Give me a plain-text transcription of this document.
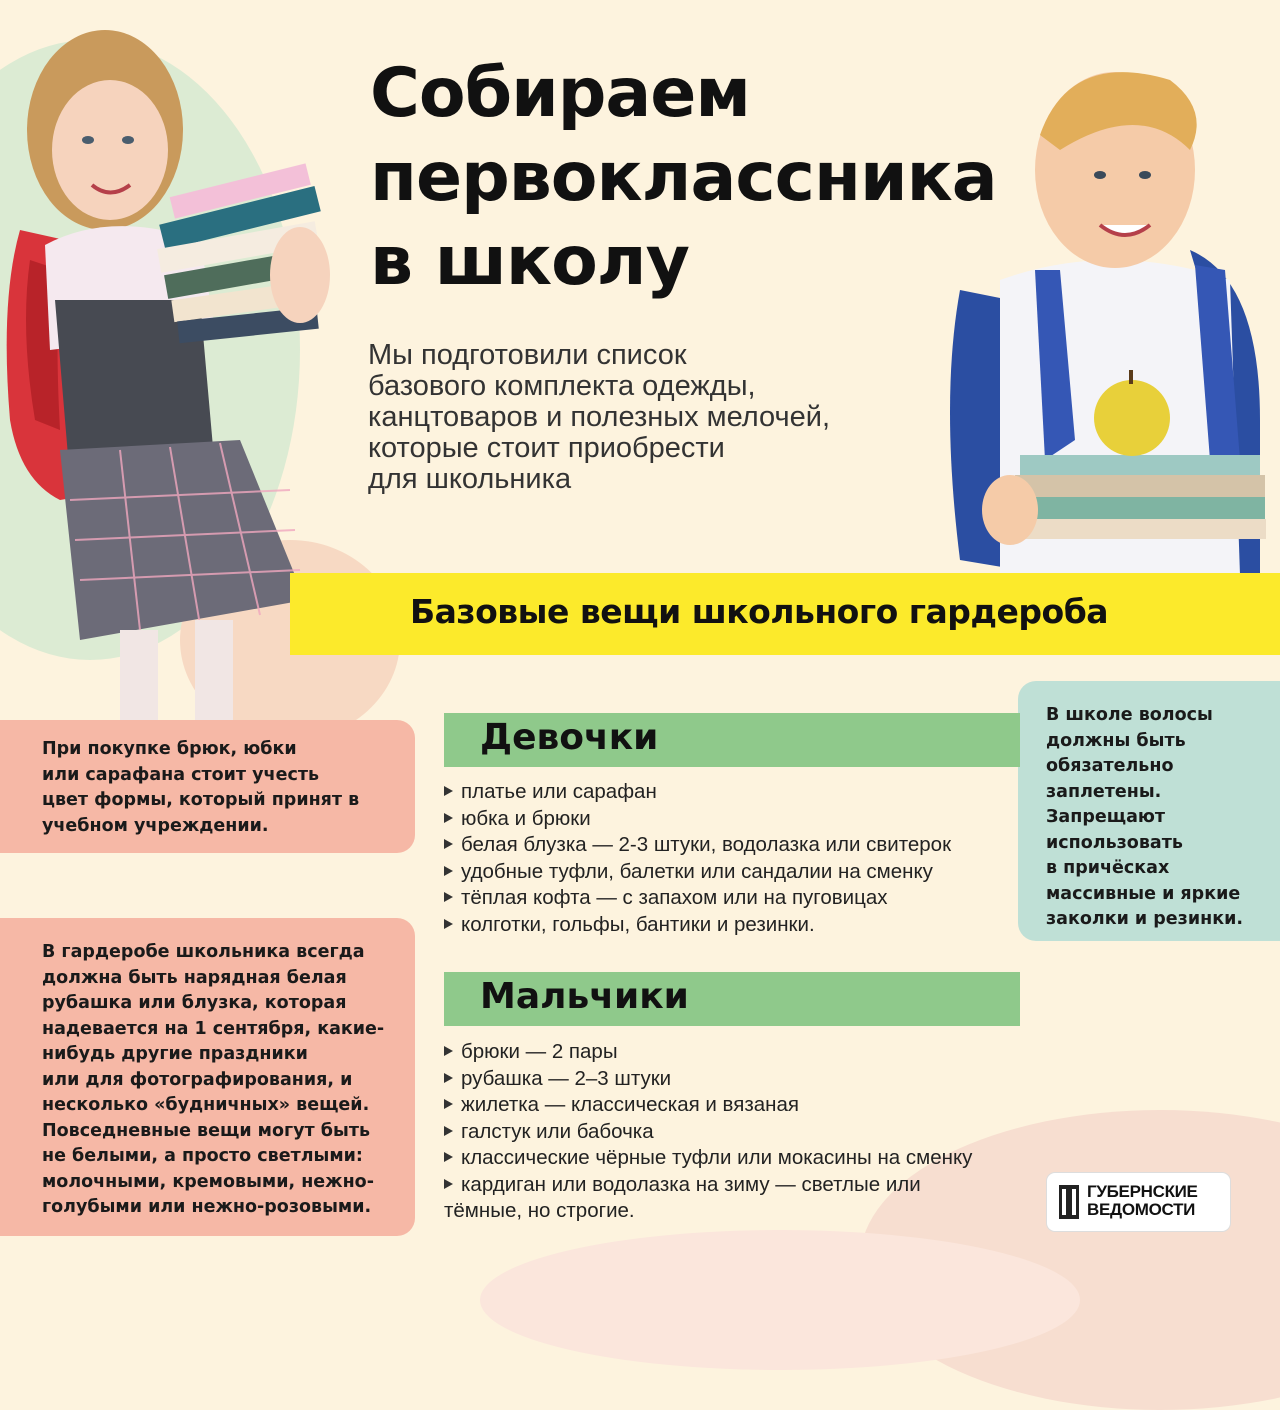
Собираем
первоклассника
в школу
Мы подготовили список
базового комплекта одежды,
канцтоваров и полезных мелочей,
которые стоит приобрести
для школьника
Базовые вещи школьного гардероба
При покупке брюк, юбки
или сарафана стоит учесть
цвет формы, который принят в
учебном учреждении.
В гардеробе школьника всегда
должна быть нарядная белая
рубашка или блузка, которая
надевается на 1 сентября, какие-
нибудь другие праздники
или для фотографирования, и
несколько «будничных» вещей.
Повседневные вещи могут быть
не белыми, а просто светлыми:
молочными, кремовыми, нежно-
голубыми или нежно-розовыми.
В школе волосы
должны быть
обязательно
заплетены.
Запрещают
использовать
в причёсках
массивные и яркие
заколки и резинки.
Девочки
платье или сарафан
юбка и брюки
белая блузка — 2-3 штуки, водолазка или свитерок
удобные туфли, балетки или сандалии на сменку
тёплая кофта — с запахом или на пуговицах
колготки, гольфы, бантики и резинки.
Мальчики
брюки — 2 пары
рубашка — 2–3 штуки
жилетка — классическая и вязаная
галстук или бабочка
классические чёрные туфли или мокасины на сменку
кардиган или водолазка на зиму — светлые или
тёмные, но строгие.
ГУБЕРНСКИЕ
ВЕДОМОСТИ
